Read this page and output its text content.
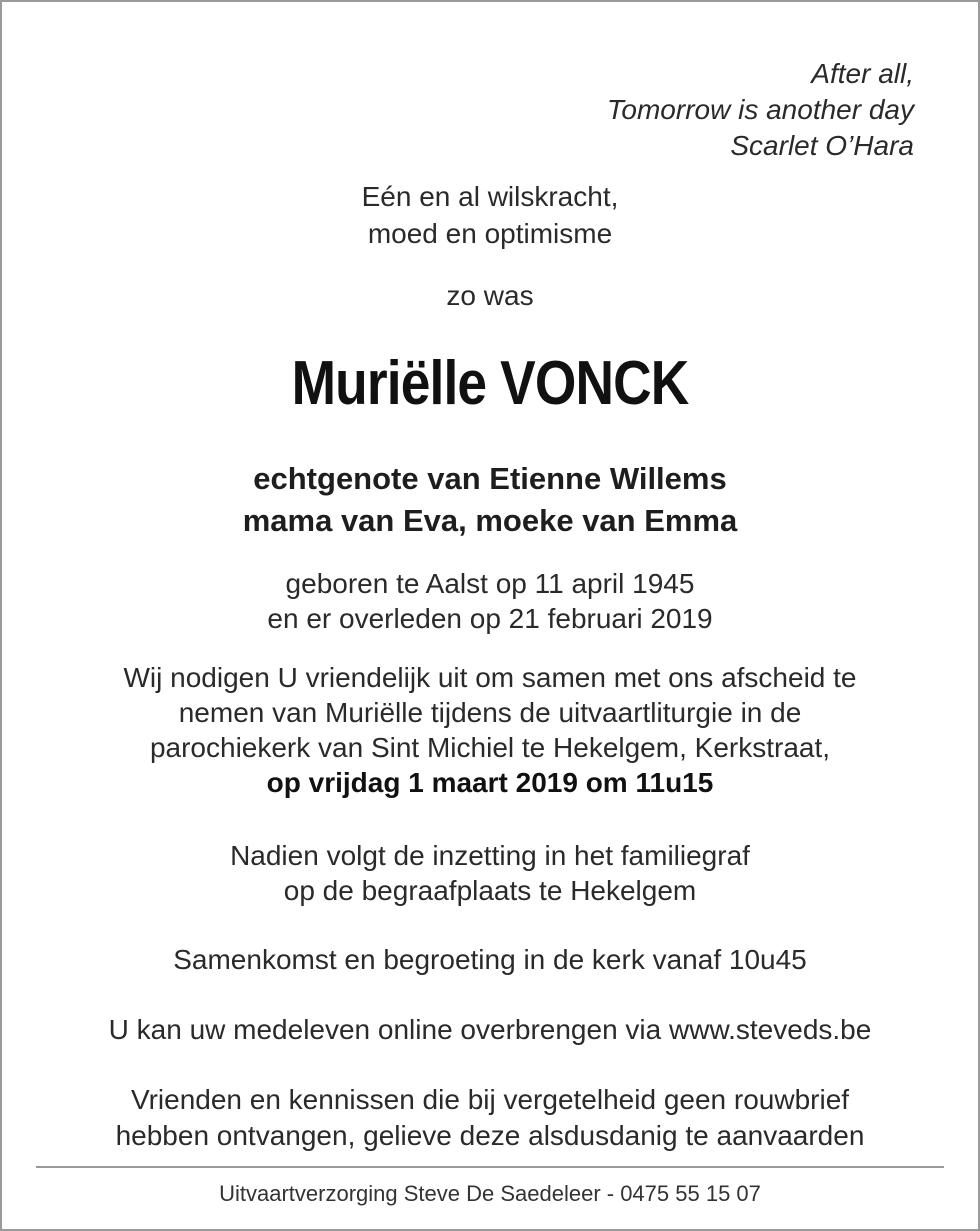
After all,
Tomorrow is another day
Scarlet O’Hara
Eén en al wilskracht,
moed en optimisme
zo was
Muriëlle VONCK
echtgenote van Etienne Willems
mama van Eva, moeke van Emma
geboren te Aalst op 11 april 1945
en er overleden op 21 februari 2019
Wij nodigen U vriendelijk uit om samen met ons afscheid te
nemen van Muriëlle tijdens de uitvaartliturgie in de
parochiekerk van Sint Michiel te Hekelgem, Kerkstraat,
op vrijdag 1 maart 2019 om 11u15
Nadien volgt de inzetting in het familiegraf
op de begraafplaats te Hekelgem
Samenkomst en begroeting in de kerk vanaf 10u45
U kan uw medeleven online overbrengen via www.steveds.be
Vrienden en kennissen die bij vergetelheid geen rouwbrief
hebben ontvangen, gelieve deze alsdusdanig te aanvaarden
Uitvaartverzorging Steve De Saedeleer - 0475 55 15 07
